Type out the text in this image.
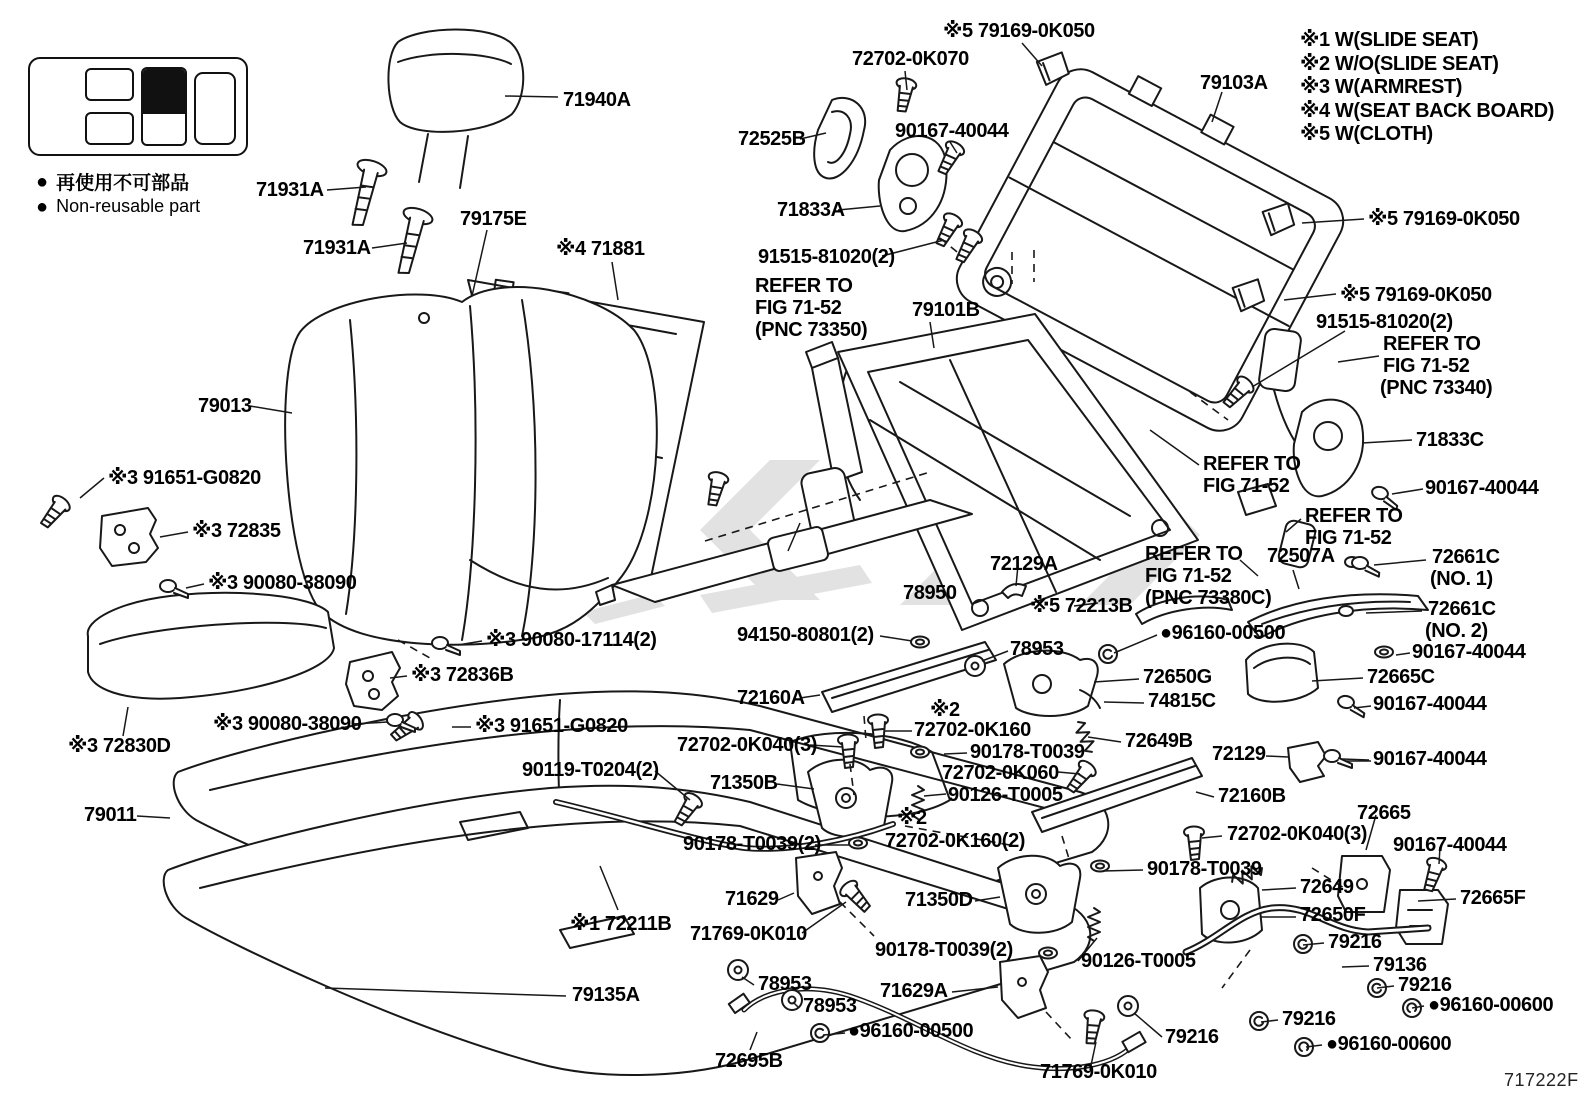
● 再使用不可部品
● Non-reusable part
※1 W(SLIDE SEAT)
※2 W/O(SLIDE SEAT)
※3 W(ARMREST)
※4 W(SEAT BACK BOARD)
※5 W(CLOTH)
71940A
71931A
71931A
79175E
※4 71881
79013
※5 79169-0K050
72702-0K070
90167-40044
72525B
71833A
91515-81020(2)
REFER TO
FIG 71-52
(PNC 73350)
79101B
79103A
※5 79169-0K050
※5 79169-0K050
91515-81020(2)
REFER TO
FIG 71-52
(PNC 73340)
71833C
90167-40044
REFER TO
FIG 71-52
REFER TO
FIG 71-52
REFER TO
FIG 71-52
(PNC 73380C)
72507A	72661C
(NO. 1)
72661C
(NO. 2)
90167-40044
72665C
90167-40044
90167-40044
72665
90167-40044
72649
72650F
72665F
79216
79136
79216
●96160-00600
79216
●96160-00600
※3 91651-G0820
※3 72835
※3 90080-38090
※3 90080-17114(2)
※3 72836B
※3 90080-38090	※3 91651-G0820
※3 72830D
79011
90119-T0204(2)
71350B
94150-80801(2)
72160A
※2
72702-0K160
72702-0K040(3)	90178-T0039
72702-0K060
90126-T0005
78950
72129A
※5 72213B
78953
●96160-00500
72650G
74815C
72649B
72129
72160B
72702-0K040(3)
90178-T0039
90178-T0039(2)
※2
72702-0K160(2)
※1 72211B
71629
71769-0K010
71350D
90178-T0039(2)	90126-T0005
79135A	78953
78953
●96160-00500
72695B
71629A
79216
71769-0K010	717222F
